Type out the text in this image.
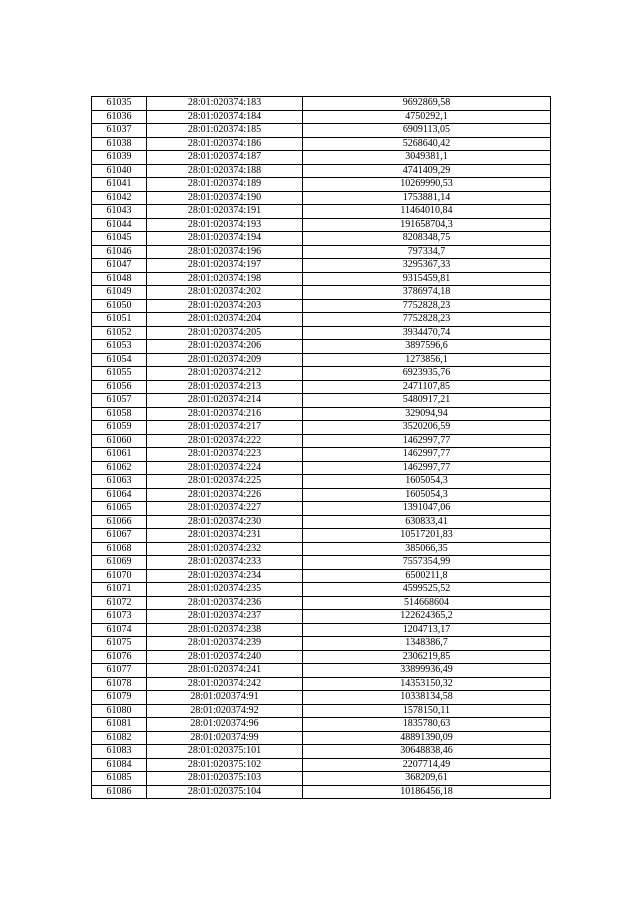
61035	28:01:020374:183	9692869,58
61036	28:01:020374:184	4750292,1
61037	28:01:020374:185	6909113,05
61038	28:01:020374:186	5268640,42
61039	28:01:020374:187	3049381,1
61040	28:01:020374:188	4741409,29
61041	28:01:020374:189	10269990,53
61042	28:01:020374:190	1753881,14
61043	28:01:020374:191	11464010,84
61044	28:01:020374:193	191658704,3
61045	28:01:020374:194	8208348,75
61046	28:01:020374:196	797334,7
61047	28:01:020374:197	3295367,33
61048	28:01:020374:198	9315459,81
61049	28:01:020374:202	3786974,18
61050	28:01:020374:203	7752828,23
61051	28:01:020374:204	7752828,23
61052	28:01:020374:205	3934470,74
61053	28:01:020374:206	3897596,6
61054	28:01:020374:209	1273856,1
61055	28:01:020374:212	6923935,76
61056	28:01:020374:213	2471107,85
61057	28:01:020374:214	5480917,21
61058	28:01:020374:216	329094,94
61059	28:01:020374:217	3520206,59
61060	28:01:020374:222	1462997,77
61061	28:01:020374:223	1462997,77
61062	28:01:020374:224	1462997,77
61063	28:01:020374:225	1605054,3
61064	28:01:020374:226	1605054,3
61065	28:01:020374:227	1391047,06
61066	28:01:020374:230	630833,41
61067	28:01:020374:231	10517201,83
61068	28:01:020374:232	385066,35
61069	28:01:020374:233	7557354,99
61070	28:01:020374:234	6500211,8
61071	28:01:020374:235	4599525,52
61072	28:01:020374:236	514668604
61073	28:01:020374:237	122624365,2
61074	28:01:020374:238	1204713,17
61075	28:01:020374:239	1348386,7
61076	28:01:020374:240	2306219,85
61077	28:01:020374:241	33899936,49
61078	28:01:020374:242	14353150,32
61079	28:01:020374:91	10338134,58
61080	28:01:020374:92	1578150,11
61081	28:01:020374:96	1835780,63
61082	28:01:020374:99	48891390,09
61083	28:01:020375:101	30648838,46
61084	28:01:020375:102	2207714,49
61085	28:01:020375:103	368209,61
61086	28:01:020375:104	10186456,18
